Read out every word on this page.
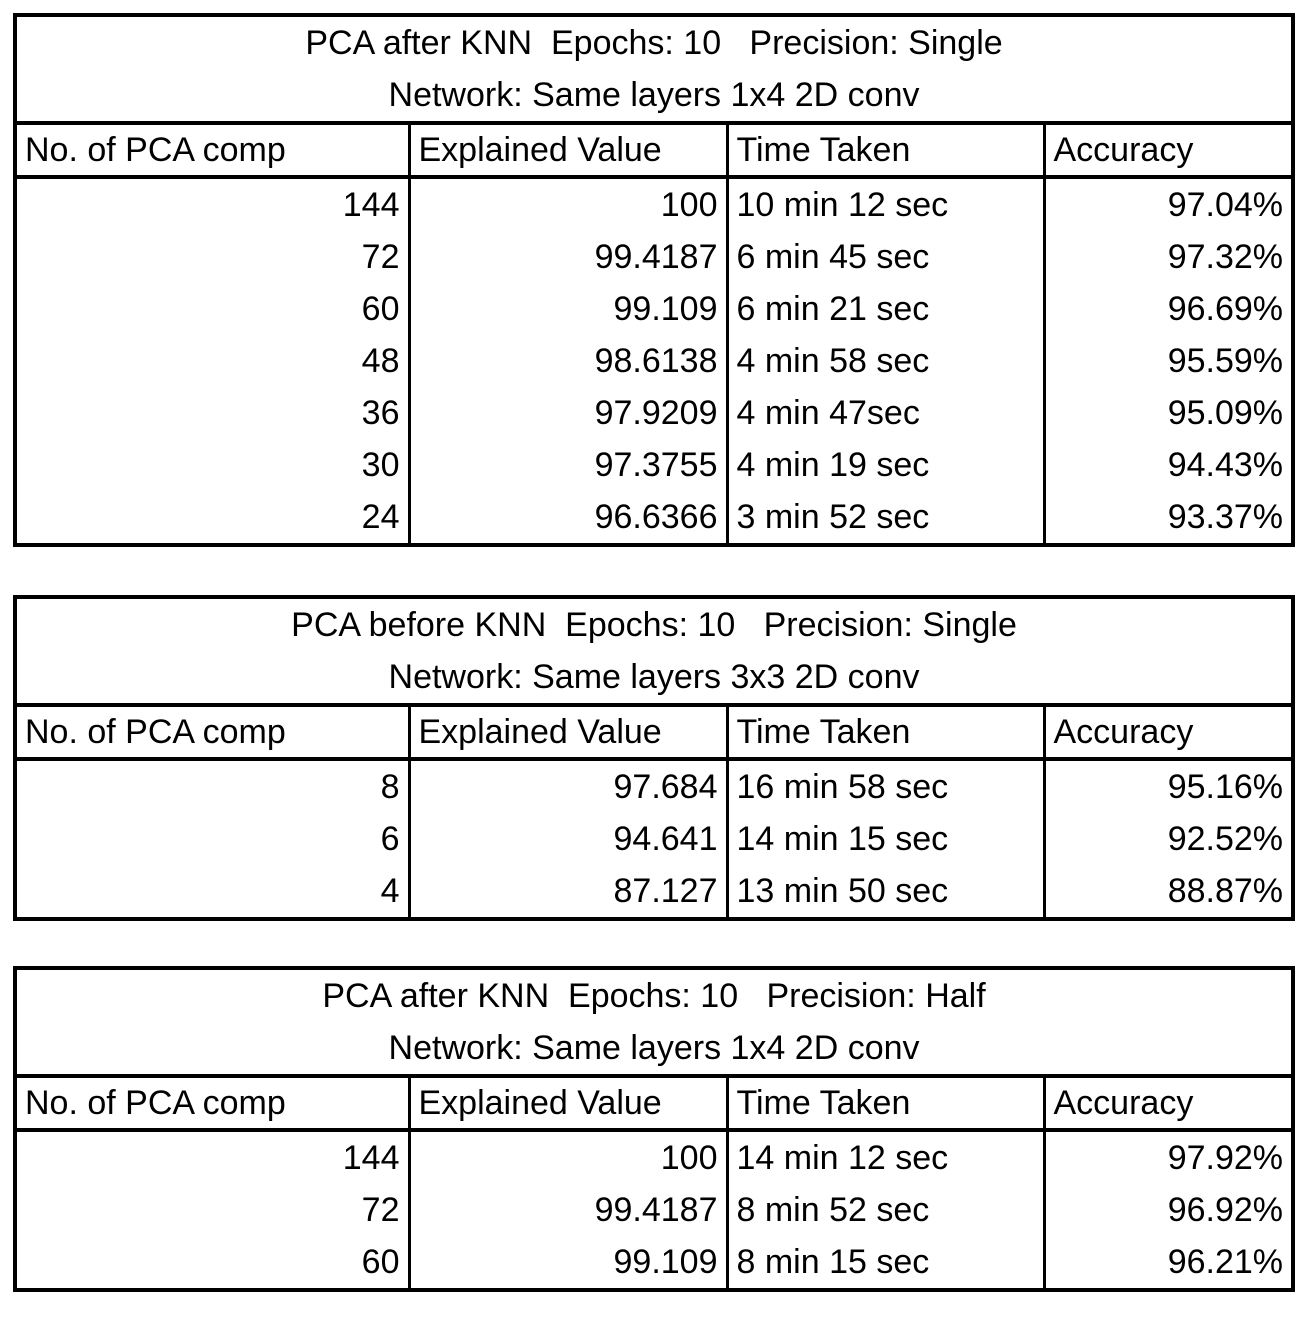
PCA after KNN  Epochs: 10   Precision: Single
Network: Same layers 1x4 2D conv			

No. of PCA comp	Explained Value	Time Taken	Accuracy
144	100	10 min 12 sec	97.04%
72	99.4187	6 min 45 sec	97.32%
60	99.109	6 min 21 sec	96.69%
48	98.6138	4 min 58 sec	95.59%
36	97.9209	4 min 47sec	95.09%
30	97.3755	4 min 19 sec	94.43%
24	96.6366	3 min 52 sec	93.37%
PCA before KNN  Epochs: 10   Precision: Single
Network: Same layers 3x3 2D conv			

No. of PCA comp	Explained Value	Time Taken	Accuracy
8	97.684	16 min 58 sec	95.16%
6	94.641	14 min 15 sec	92.52%
4	87.127	13 min 50 sec	88.87%
PCA after KNN  Epochs: 10   Precision: Half
Network: Same layers 1x4 2D conv			

No. of PCA comp	Explained Value	Time Taken	Accuracy
144	100	14 min 12 sec	97.92%
72	99.4187	8 min 52 sec	96.92%
60	99.109	8 min 15 sec	96.21%
